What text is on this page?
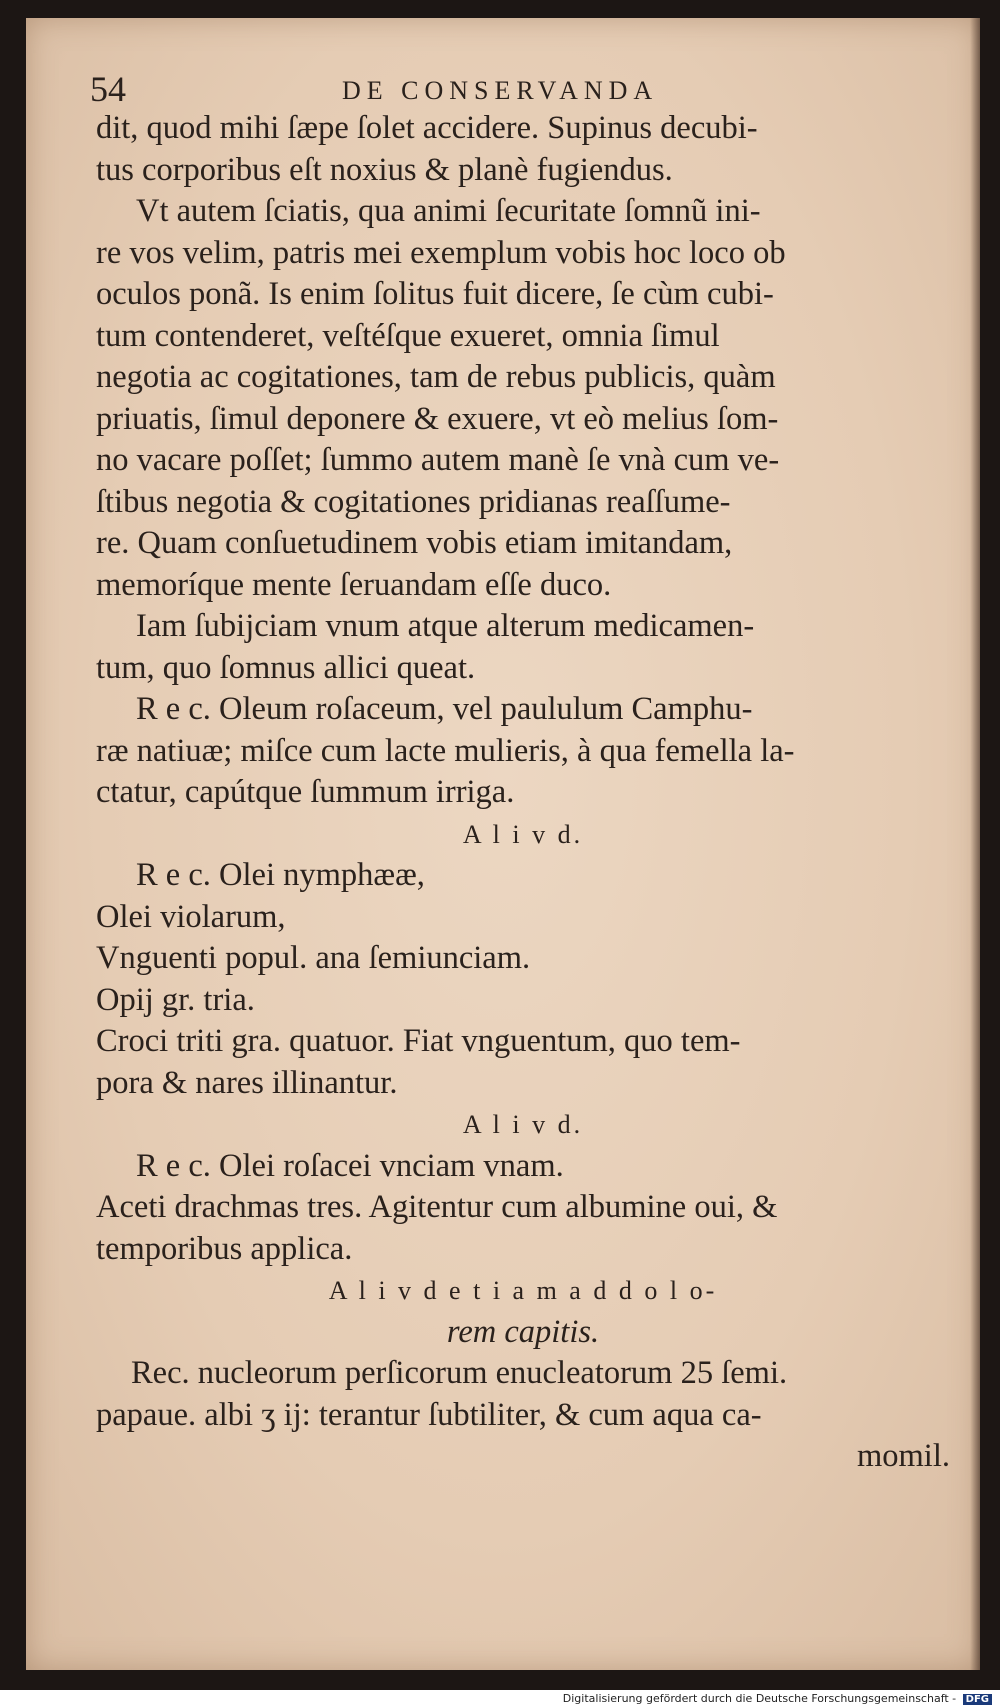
54	DE CONSERVANDA
dit, quod mihi ſæpe ſolet accidere. Supinus decubi-
tus corporibus eſt noxius & planè fugiendus.
Vt autem ſciatis, qua animi ſecuritate ſomnũ ini-
re vos velim, patris mei exemplum vobis hoc loco ob
oculos ponã. Is enim ſolitus fuit dicere, ſe cùm cubi-
tum contenderet, veſtéſque exueret, omnia ſimul
negotia ac cogitationes, tam de rebus publicis, quàm
priuatis, ſimul deponere & exuere, vt eò melius ſom-
no vacare poſſet; ſummo autem manè ſe vnà cum ve-
ſtibus negotia & cogitationes pridianas reaſſume-
re. Quam conſuetudinem vobis etiam imitandam,
memoríque mente ſeruandam eſſe duco.
Iam ſubijciam vnum atque alterum medicamen-
tum, quo ſomnus allici queat.
R e c. Oleum roſaceum, vel paululum Camphu-
ræ natiuæ; miſce cum lacte mulieris, à qua femella la-
ctatur, capútque ſummum irriga.
A l i v d.
R e c. Olei nymphææ,
Olei violarum,
Vnguenti popul. ana ſemiunciam.
Opij gr. tria.
Croci triti gra. quatuor. Fiat vnguentum, quo tem-
pora & nares illinantur.
A l i v d.
R e c. Olei roſacei vnciam vnam.
Aceti drachmas tres. Agitentur cum albumine oui, &
temporibus applica.
A l i v d e t i a m a d d o l o-
rem capitis.
Rec. nucleorum perſicorum enucleatorum 25 ſemi.
papaue. albi ʒ ij: terantur ſubtiliter, & cum aqua ca-
momil.
Digitalisierung gefördert durch die Deutsche Forschungsgemeinschaft - DFG
